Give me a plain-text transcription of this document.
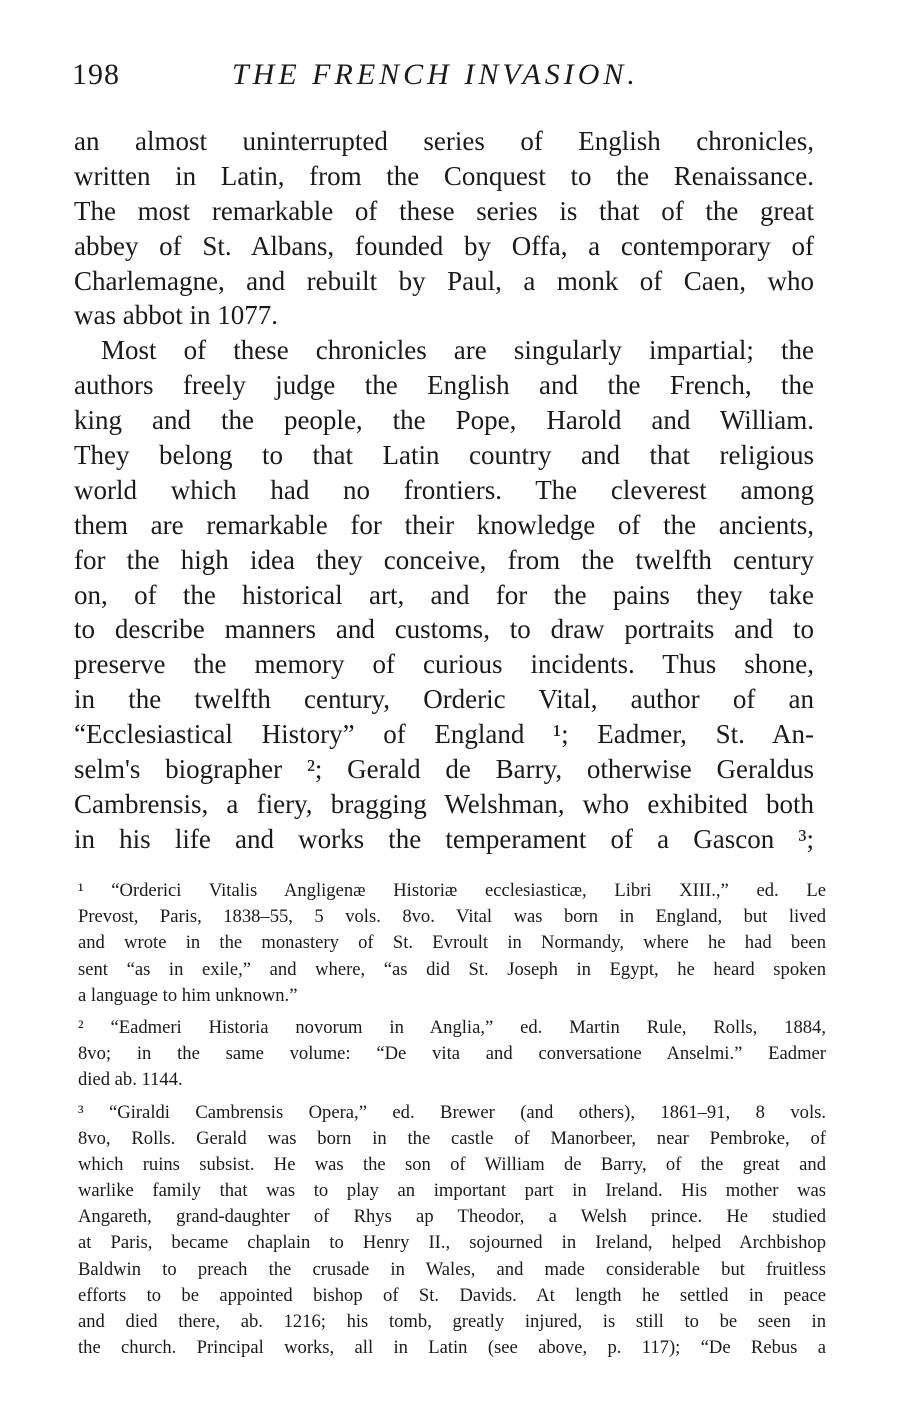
198	THE FRENCH INVASION.
an almost uninterrupted series of English chronicles,
written in Latin, from the Conquest to the Renaissance.
The most remarkable of these series is that of the great
abbey of St. Albans, founded by Offa, a contemporary of
Charlemagne, and rebuilt by Paul, a monk of Caen, who
was abbot in 1077.
 Most of these chronicles are singularly impartial; the
authors freely judge the English and the French, the
king and the people, the Pope, Harold and William.
They belong to that Latin country and that religious
world which had no frontiers. The cleverest among
them are remarkable for their knowledge of the ancients,
for the high idea they conceive, from the twelfth century
on, of the historical art, and for the pains they take
to describe manners and customs, to draw portraits and to
preserve the memory of curious incidents. Thus shone,
in the twelfth century, Orderic Vital, author of an
“Ecclesiastical History” of England ¹; Eadmer, St. An-
selm's biographer ²; Gerald de Barry, otherwise Geraldus
Cambrensis, a fiery, bragging Welshman, who exhibited both
in his life and works the temperament of a Gascon ³;
¹ “Orderici Vitalis Angligenæ Historiæ ecclesiasticæ, Libri XIII.,” ed. Le
Prevost, Paris, 1838–55, 5 vols. 8vo. Vital was born in England, but lived
and wrote in the monastery of St. Evroult in Normandy, where he had been
sent “as in exile,” and where, “as did St. Joseph in Egypt, he heard spoken
a language to him unknown.”
² “Eadmeri Historia novorum in Anglia,” ed. Martin Rule, Rolls, 1884,
8vo; in the same volume: “De vita and conversatione Anselmi.” Eadmer
died ab. 1144.
³ “Giraldi Cambrensis Opera,” ed. Brewer (and others), 1861–91, 8 vols.
8vo, Rolls. Gerald was born in the castle of Manorbeer, near Pembroke, of
which ruins subsist. He was the son of William de Barry, of the great and
warlike family that was to play an important part in Ireland. His mother was
Angareth, grand-daughter of Rhys ap Theodor, a Welsh prince. He studied
at Paris, became chaplain to Henry II., sojourned in Ireland, helped Archbishop
Baldwin to preach the crusade in Wales, and made considerable but fruitless
efforts to be appointed bishop of St. Davids. At length he settled in peace
and died there, ab. 1216; his tomb, greatly injured, is still to be seen in
the church. Principal works, all in Latin (see above, p. 117); “De Rebus a
